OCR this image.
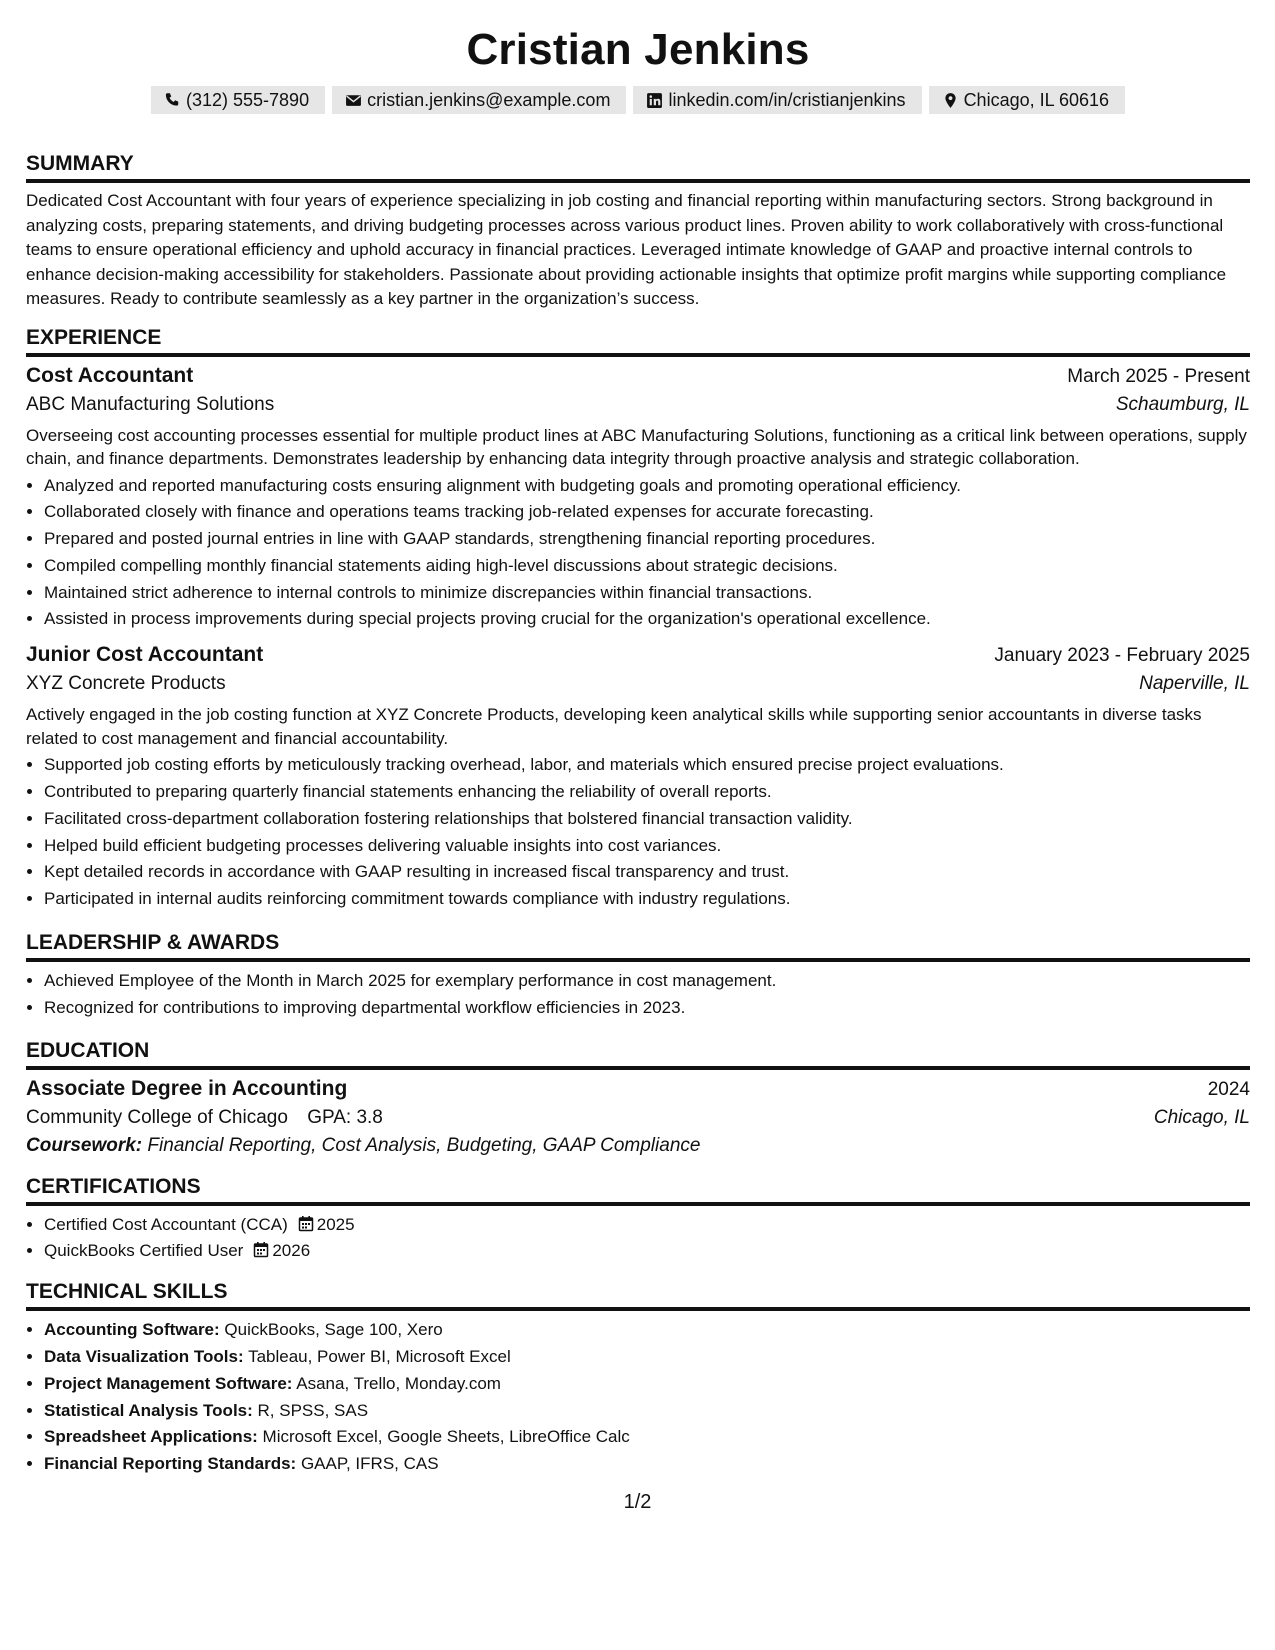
Cristian Jenkins
(312) 555-7890	cristian.jenkins@example.com	linkedin.com/in/cristianjenkins	Chicago, IL 60616
SUMMARY

Dedicated Cost Accountant with four years of experience specializing in job costing and financial reporting within manufacturing sectors. Strong background in analyzing costs, preparing statements, and driving budgeting processes across various product lines. Proven ability to work collaboratively with cross-functional teams to ensure operational efficiency and uphold accuracy in financial practices. Leveraged intimate knowledge of GAAP and proactive internal controls to enhance decision-making accessibility for stakeholders. Passionate about providing actionable insights that optimize profit margins while supporting compliance measures. Ready to contribute seamlessly as a key partner in the organization’s success.

EXPERIENCE
Cost Accountant	March 2025 - Present
ABC Manufacturing Solutions	Schaumburg, IL

Overseeing cost accounting processes essential for multiple product lines at ABC Manufacturing Solutions, functioning as a critical link between operations, supply chain, and finance departments. Demonstrates leadership by enhancing data integrity through proactive analysis and strategic collaboration.

• Analyzed and reported manufacturing costs ensuring alignment with budgeting goals and promoting operational efficiency.
• Collaborated closely with finance and operations teams tracking job-related expenses for accurate forecasting.
• Prepared and posted journal entries in line with GAAP standards, strengthening financial reporting procedures.
• Compiled compelling monthly financial statements aiding high-level discussions about strategic decisions.
• Maintained strict adherence to internal controls to minimize discrepancies within financial transactions.
• Assisted in process improvements during special projects proving crucial for the organization's operational excellence.
Junior Cost Accountant	January 2023 - February 2025
XYZ Concrete Products	Naperville, IL

Actively engaged in the job costing function at XYZ Concrete Products, developing keen analytical skills while supporting senior accountants in diverse tasks related to cost management and financial accountability.

• Supported job costing efforts by meticulously tracking overhead, labor, and materials which ensured precise project evaluations.
• Contributed to preparing quarterly financial statements enhancing the reliability of overall reports.
• Facilitated cross-department collaboration fostering relationships that bolstered financial transaction validity.
• Helped build efficient budgeting processes delivering valuable insights into cost variances.
• Kept detailed records in accordance with GAAP resulting in increased fiscal transparency and trust.
• Participated in internal audits reinforcing commitment towards compliance with industry regulations.
LEADERSHIP & AWARDS
• Achieved Employee of the Month in March 2025 for exemplary performance in cost management.
• Recognized for contributions to improving departmental workflow efficiencies in 2023.
EDUCATION
Associate Degree in Accounting	2024
Community College of Chicago GPA: 3.8	Chicago, IL
Coursework: Financial Reporting, Cost Analysis, Budgeting, GAAP Compliance
CERTIFICATIONS
• Certified Cost Accountant (CCA) 2025
• QuickBooks Certified User 2026
TECHNICAL SKILLS
• Accounting Software: QuickBooks, Sage 100, Xero
• Data Visualization Tools: Tableau, Power BI, Microsoft Excel
• Project Management Software: Asana, Trello, Monday.com
• Statistical Analysis Tools: R, SPSS, SAS
• Spreadsheet Applications: Microsoft Excel, Google Sheets, LibreOffice Calc
• Financial Reporting Standards: GAAP, IFRS, CAS
1/2
